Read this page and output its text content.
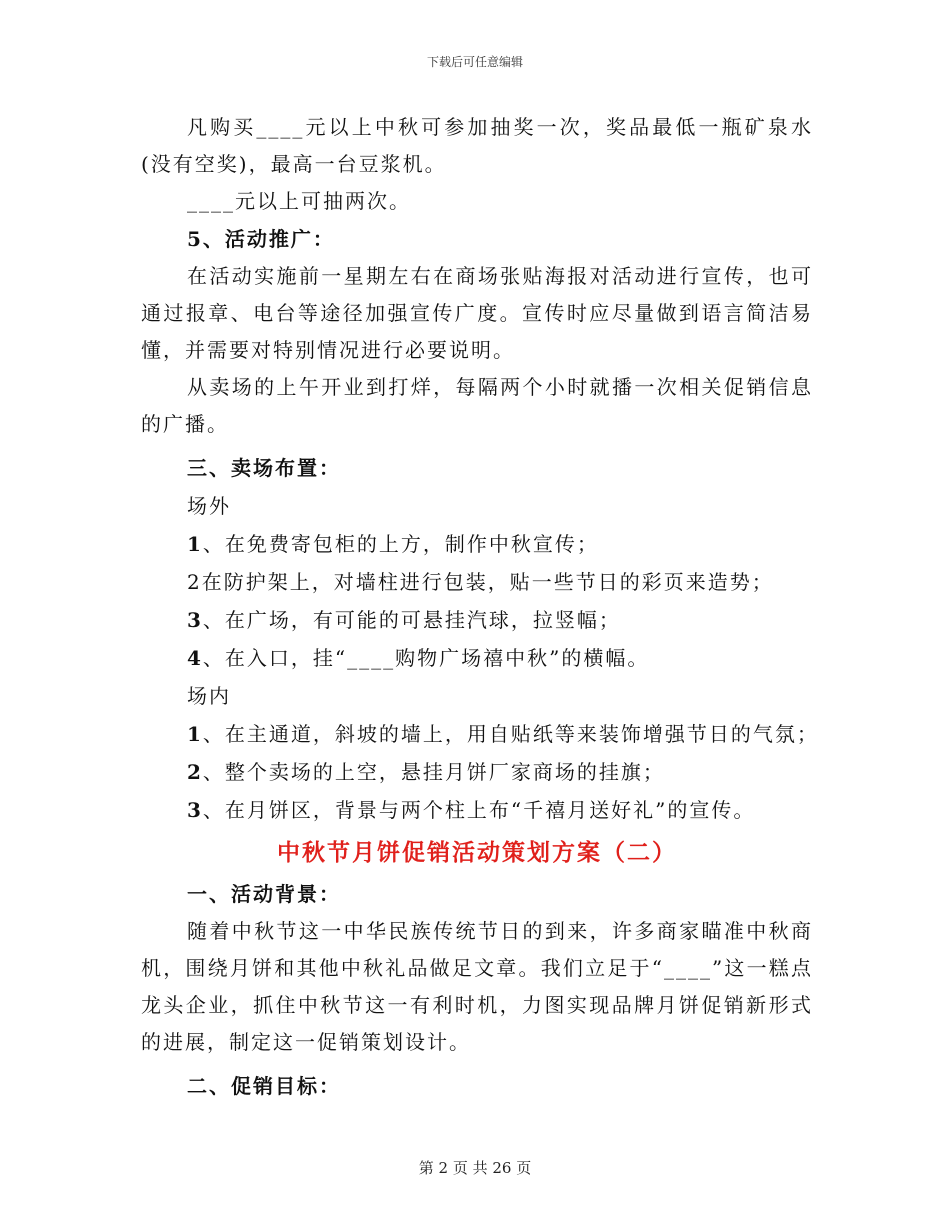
下载后可任意编辑

凡购买____元以上中秋可参加抽奖一次，奖品最低一瓶矿泉水(没有空奖)，最高一台豆浆机。

____元以上可抽两次。

5、活动推广：

在活动实施前一星期左右在商场张贴海报对活动进行宣传，也可通过报章、电台等途径加强宣传广度。宣传时应尽量做到语言简洁易懂，并需要对特别情况进行必要说明。

从卖场的上午开业到打烊，每隔两个小时就播一次相关促销信息的广播。

三、卖场布置：

场外

1、在免费寄包柜的上方，制作中秋宣传；

2在防护架上，对墙柱进行包装，贴一些节日的彩页来造势；

3、在广场，有可能的可悬挂汽球，拉竖幅；

4、在入口，挂“____购物广场禧中秋”的横幅。

场内

1、在主通道，斜坡的墙上，用自贴纸等来装饰增强节日的气氛；

2、整个卖场的上空，悬挂月饼厂家商场的挂旗；

3、在月饼区，背景与两个柱上布“千禧月送好礼”的宣传。

中秋节月饼促销活动策划方案（二）

一、活动背景：

随着中秋节这一中华民族传统节日的到来，许多商家瞄准中秋商机，围绕月饼和其他中秋礼品做足文章。我们立足于“____”这一糕点龙头企业，抓住中秋节这一有利时机，力图实现品牌月饼促销新形式的进展，制定这一促销策划设计。

二、促销目标：

第 2 页 共 26 页
